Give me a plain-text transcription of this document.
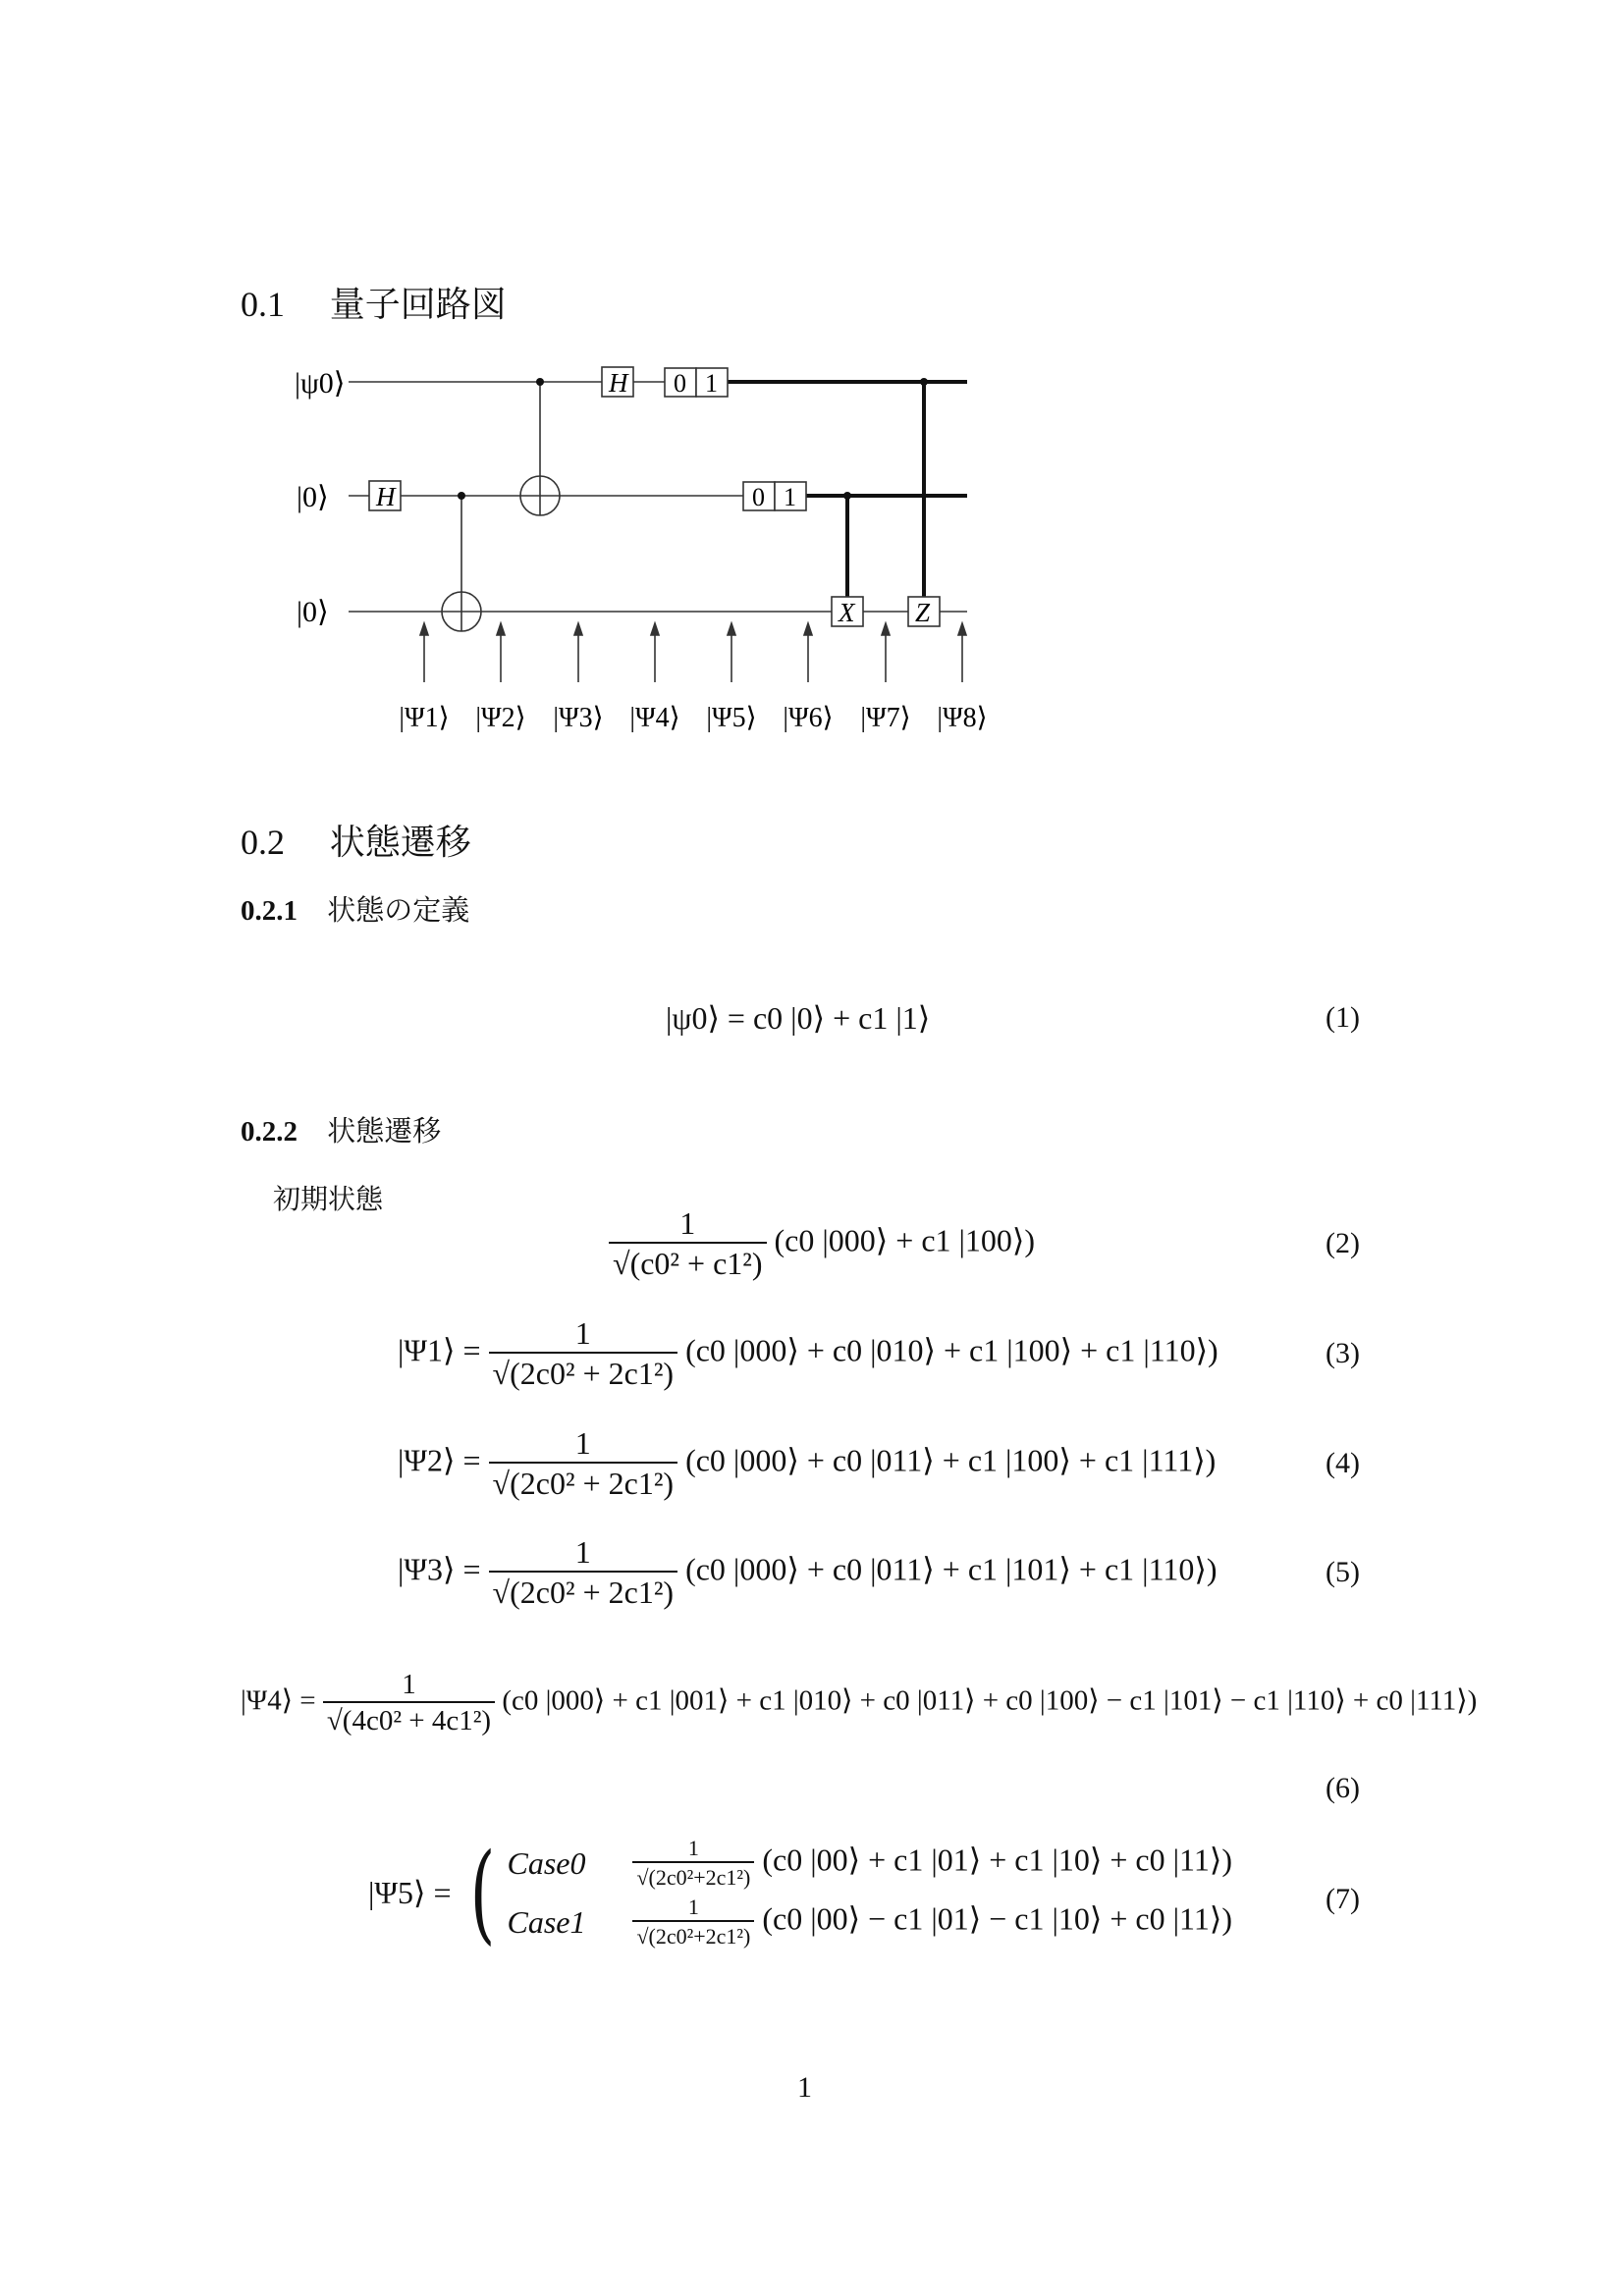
0.1 量子回路図
|ψ0⟩
|0⟩
|0⟩
H
H 0 1
0 1
X Z
|Ψ1⟩ |Ψ2⟩ |Ψ3⟩ |Ψ4⟩ |Ψ5⟩ |Ψ6⟩ |Ψ7⟩ |Ψ8⟩
0.2 状態遷移
0.2.1 状態の定義
|ψ0⟩ = c0 |0⟩ + c1 |1⟩	(1)
0.2.2 状態遷移
初期状態
$\frac{1}{\text{√(c0² + c1²)}} (c0$ |000⟩ + c1 |100⟩)	(2)
|Ψ1⟩ = $\frac{1}{\text{√(2c0² + 2c1²)}} (c0$ |000⟩ + c0 |010⟩ + c1 |100⟩ + c1 |110⟩)	(3)
|Ψ2⟩ = $\frac{1}{\text{√(2c0² + 2c1²)}} (c0$ |000⟩ + c0 |011⟩ + c1 |100⟩ + c1 |111⟩)	(4)
|Ψ3⟩ = $\frac{1}{\text{√(2c0² + 2c1²)}} (c0$ |000⟩ + c0 |011⟩ + c1 |101⟩ + c1 |110⟩)	(5)
|Ψ4⟩ = $\frac{1}{\text{√(4c0² + 4c1²)}} (c0$ |000⟩ + c1 |001⟩ + c1 |010⟩ + c0 |011⟩ + c0 |100⟩ − c1 |101⟩ − c1 |110⟩ + c0 |111⟩)
(6)
|Ψ5⟩ = ( Case0	$\frac{1}{\text{√(2c0²+2c1²)}} (c0$ |00⟩ + c1 |01⟩ + c1 |10⟩ + c0 |11⟩)
Case1	$\frac{1}{\text{√(2c0²+2c1²)}} (c0$ |00⟩ − c1 |01⟩ − c1 |10⟩ + c0 |11⟩)
(7)
1
